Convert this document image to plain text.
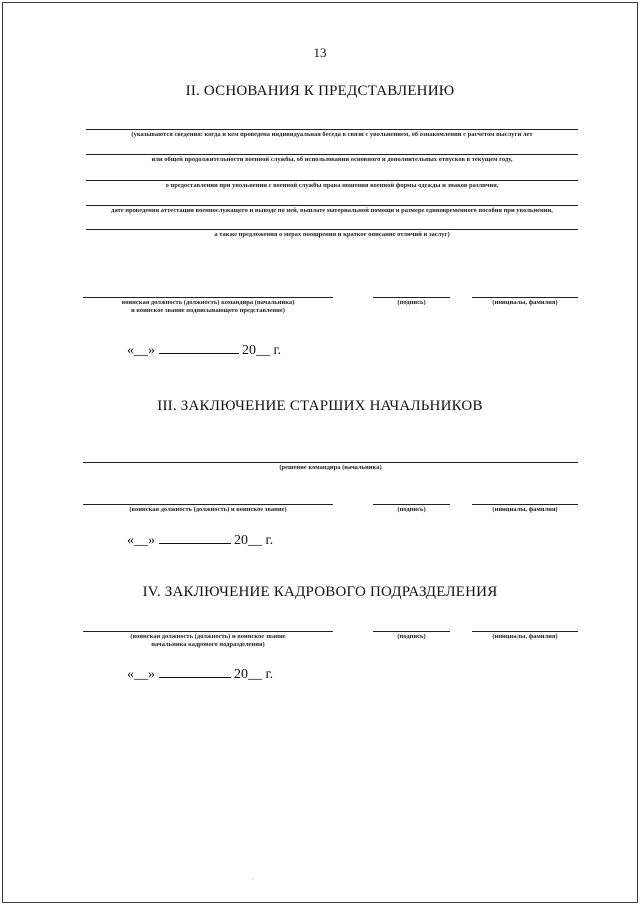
13
II. ОСНОВАНИЯ К ПРЕДСТАВЛЕНИЮ
(указываются сведения: когда и кем проведена индивидуальная беседа в связи с увольнением, об ознакомлении с расчетом выслуги лет
или общей продолжительности военной службы, об использовании основного и дополнительных отпусков в текущем году,
о предоставлении при увольнении с военной службы права ношения военной формы одежды и знаков различия,
дате проведения аттестации военнослужащего и выводе по ней, выплате материальной помощи и размере единовременного пособия при увольнении,
а также предложения о мерах поощрения и краткое описание отличий и заслуг)
воинская должность (должность) командира (начальника)
и воинское звание подписывающего представление)
(подпись)	(инициалы, фамилия)
«__»	20__ г.
III. ЗАКЛЮЧЕНИЕ СТАРШИХ НАЧАЛЬНИКОВ
(решение командира (начальника)
(воинская должность (должность) и воинское звание)	(подпись)	(инициалы, фамилия)
«__»	20__ г.
IV. ЗАКЛЮЧЕНИЕ КАДРОВОГО ПОДРАЗДЕЛЕНИЯ
(воинская должность (должность) и воинское звание
начальника кадрового подразделения)
(подпись)	(инициалы, фамилия)
«__»	20__ г.
·
